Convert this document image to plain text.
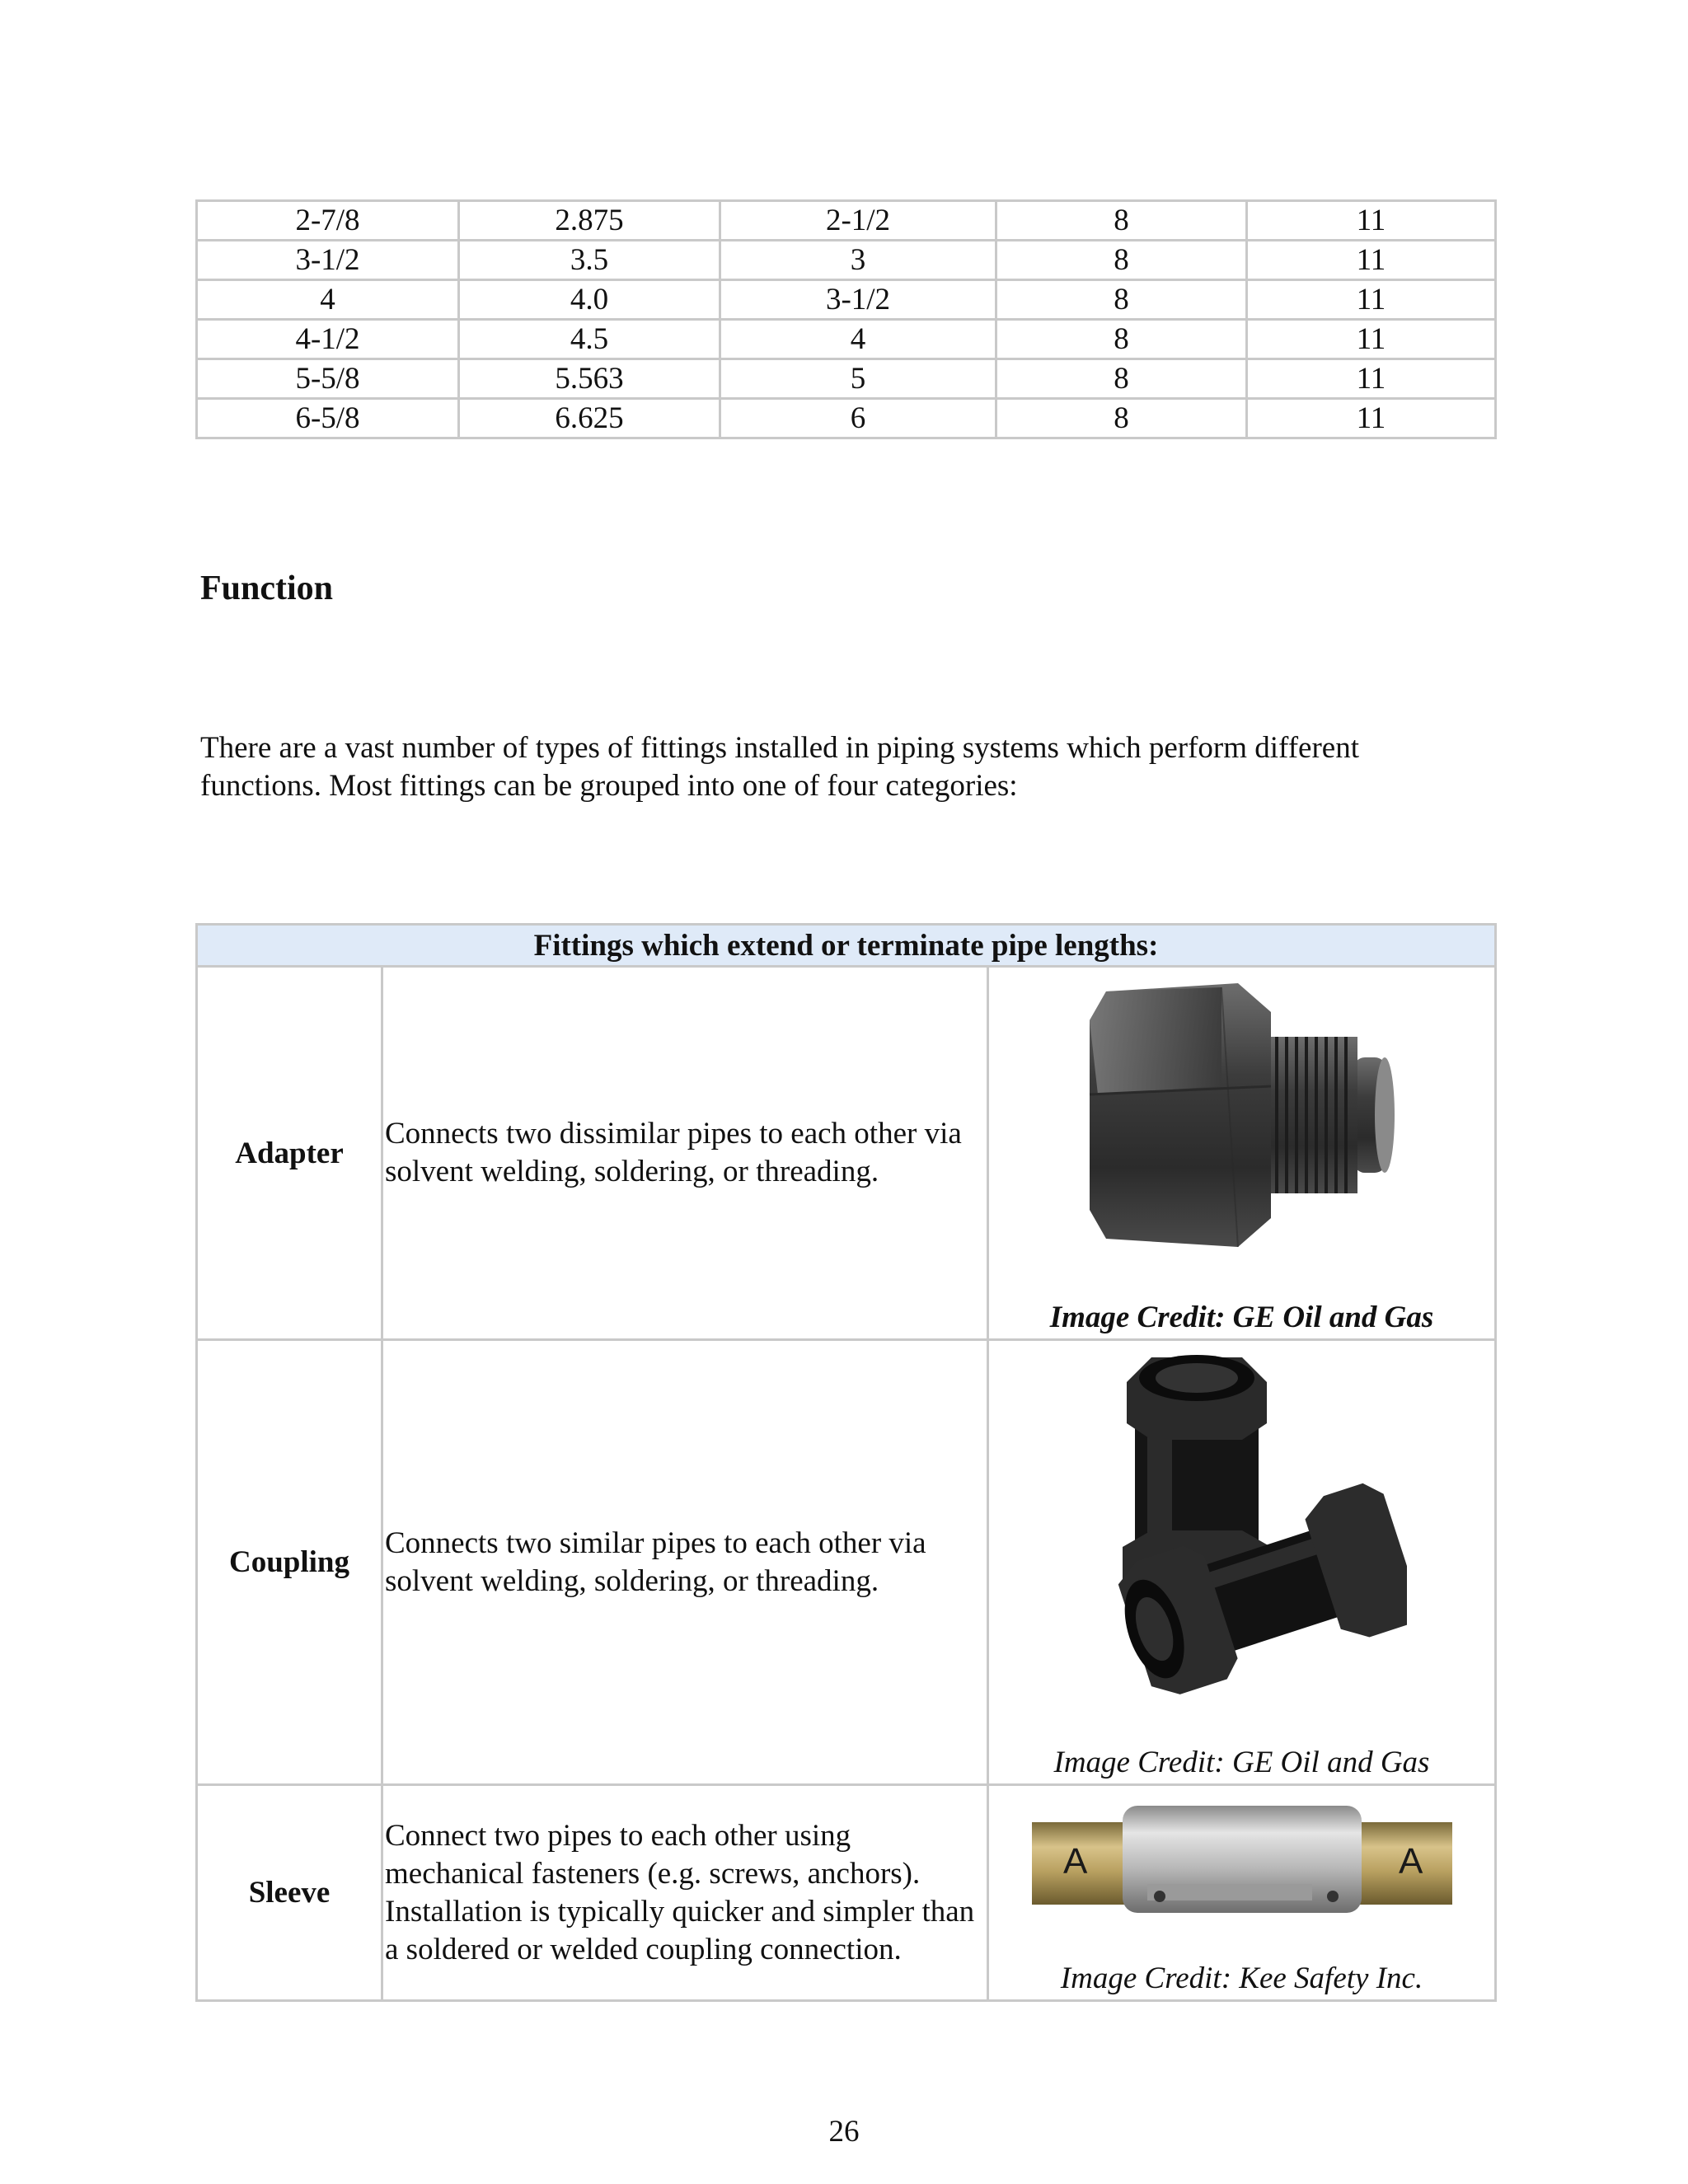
2-7/8	2.875	2-1/2	8	11
3-1/2	3.5	3	8	11
4	4.0	3-1/2	8	11
4-1/2	4.5	4	8	11
5-5/8	5.563	5	8	11
6-5/8	6.625	6	8	11
Function

There are a vast number of types of fittings installed in piping systems which perform different functions. Most fittings can be grouped into one of four categories:

Fittings which extend or terminate pipe lengths:		
Adapter	Connects two dissimilar pipes to each other via solvent welding, soldering, or threading.	Image Credit: GE Oil and Gas

Coupling	Connects two similar pipes to each other via solvent welding, soldering, or threading.	Image Credit: GE Oil and Gas

Sleeve	Connect two pipes to each other using mechanical fasteners (e.g. screws, anchors). Installation is typically quicker and simpler than a soldered or welded coupling connection.	A A
Image Credit: Kee Safety Inc.

26
